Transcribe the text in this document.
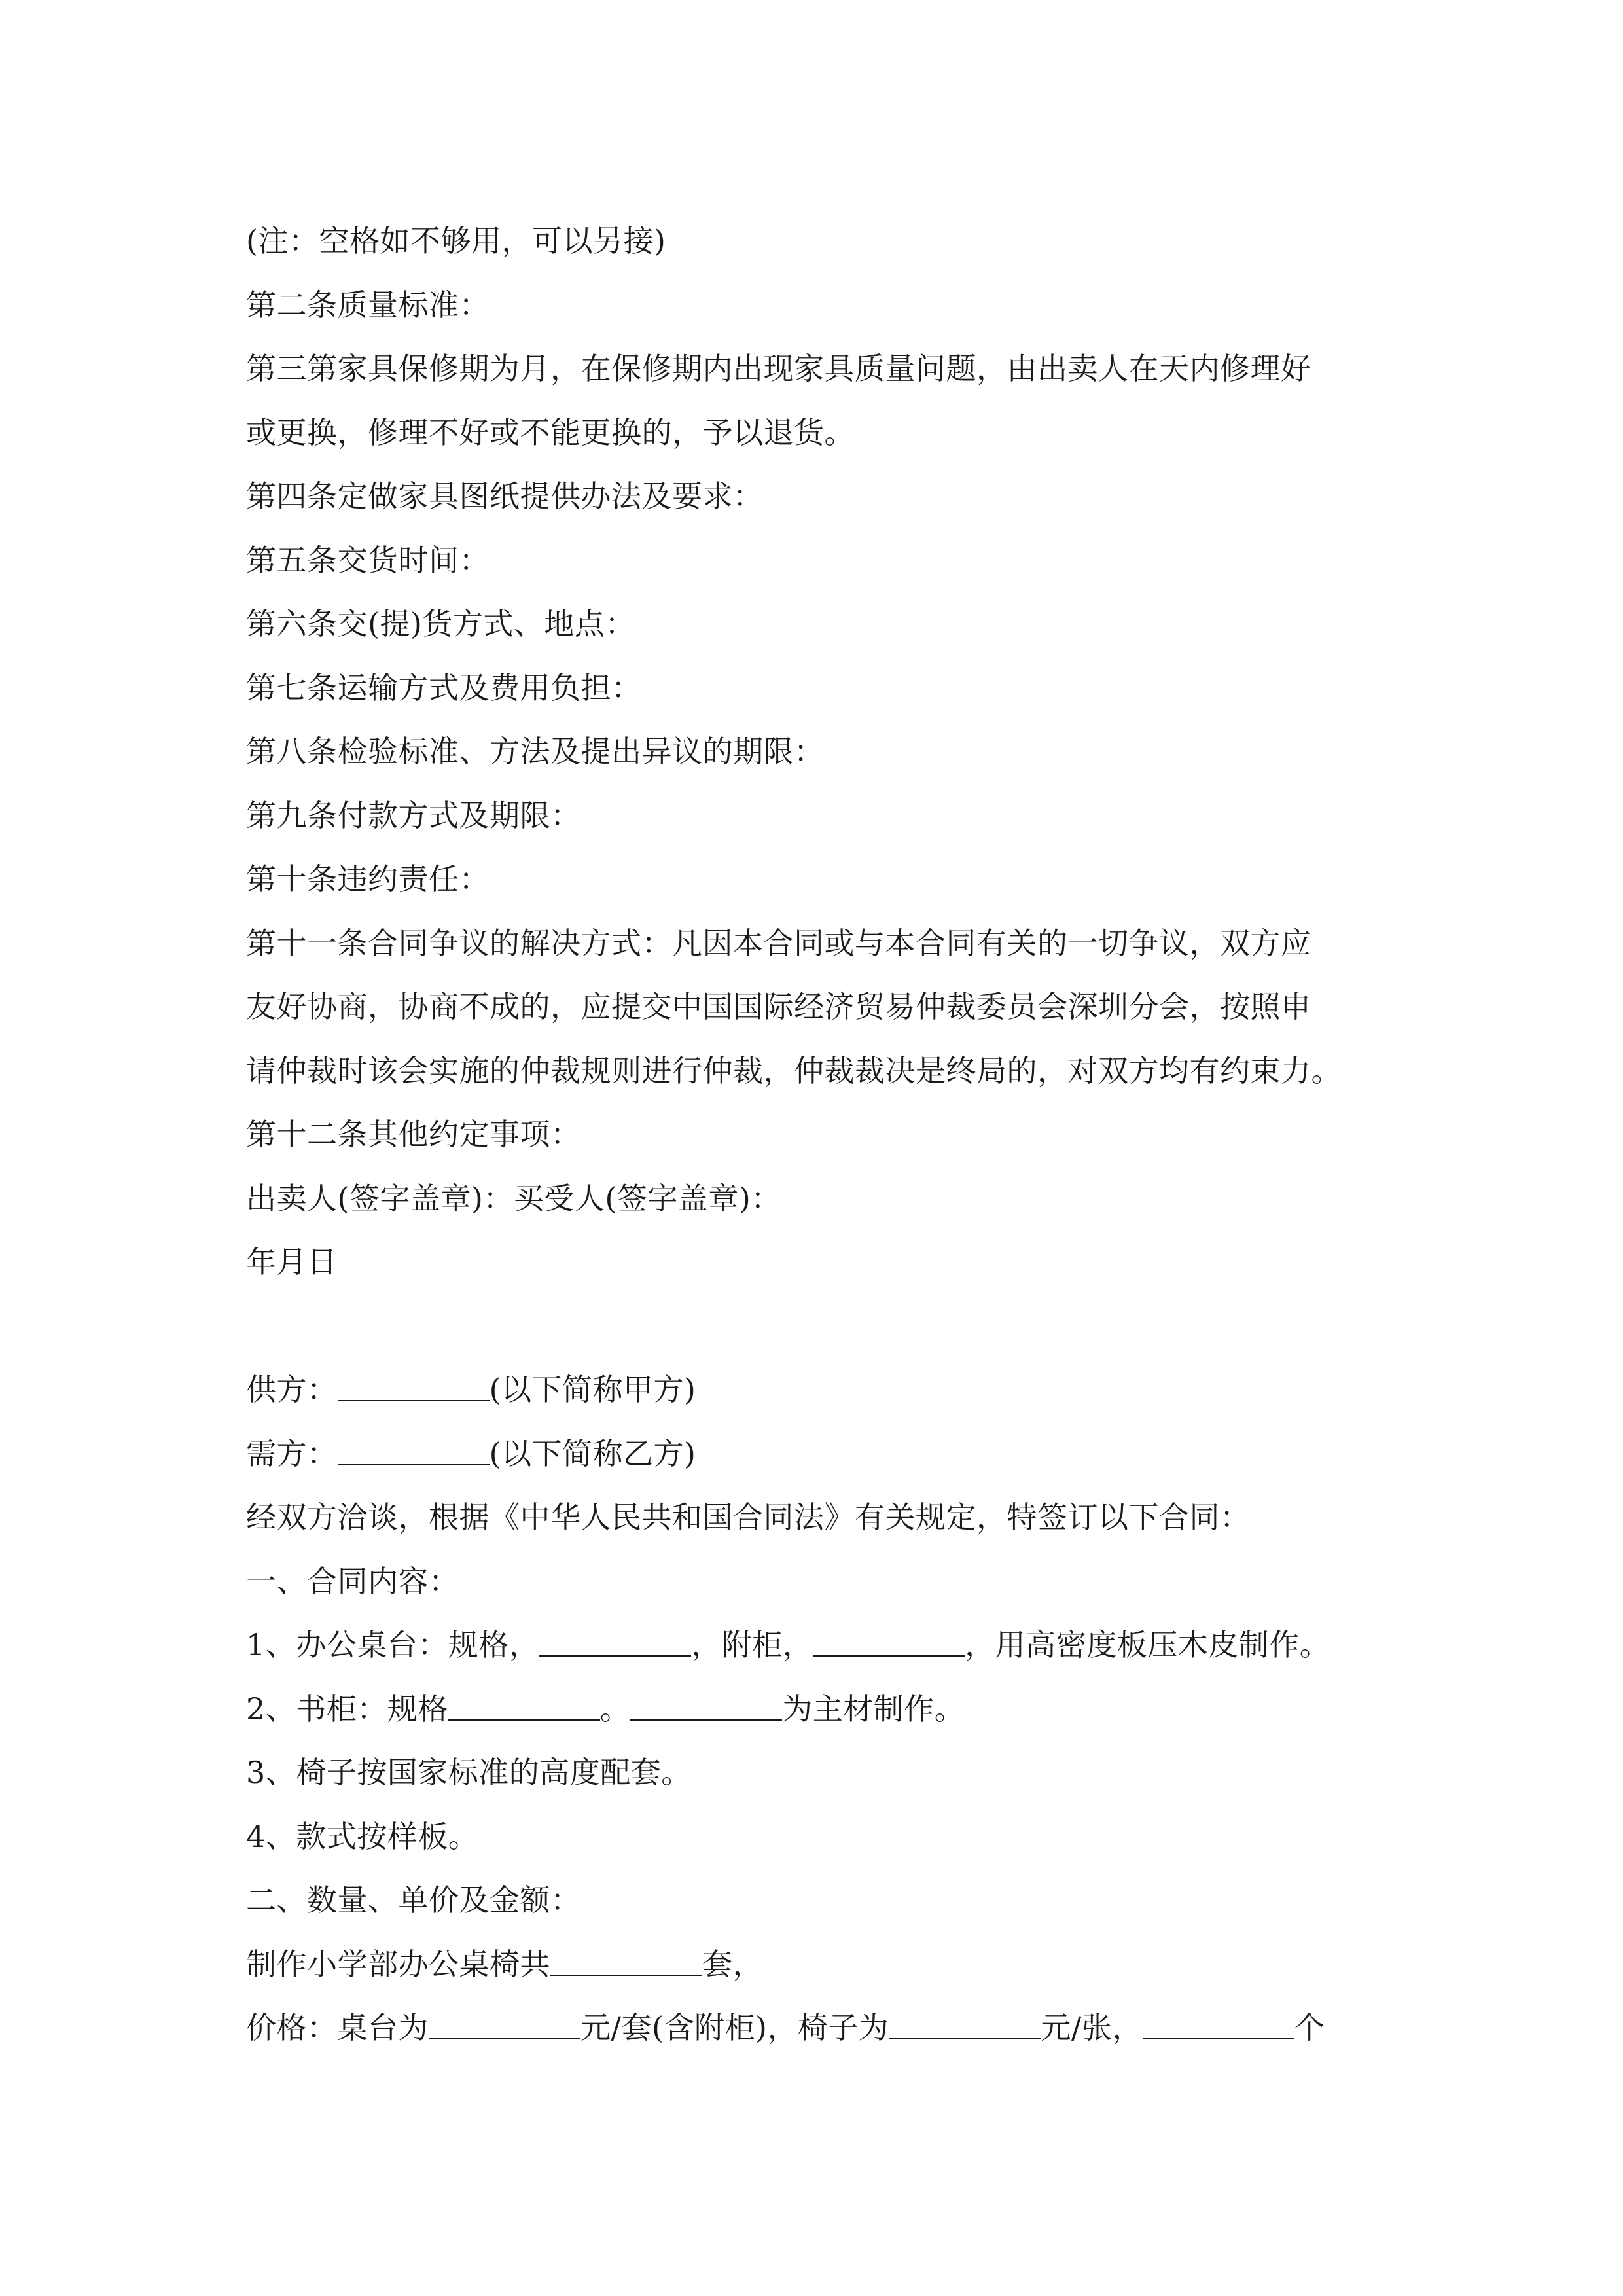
(注：空格如不够用，可以另接)
第二条质量标准：
第三第家具保修期为月，在保修期内出现家具质量问题，由出卖人在天内修理好
或更换，修理不好或不能更换的，予以退货。
第四条定做家具图纸提供办法及要求：
第五条交货时间：
第六条交(提)货方式、地点：
第七条运输方式及费用负担：
第八条检验标准、方法及提出异议的期限：
第九条付款方式及期限：
第十条违约责任：
第十一条合同争议的解决方式：凡因本合同或与本合同有关的一切争议，双方应
友好协商，协商不成的，应提交中国国际经济贸易仲裁委员会深圳分会，按照申
请仲裁时该会实施的仲裁规则进行仲裁，仲裁裁决是终局的，对双方均有约束力。
第十二条其他约定事项：
出卖人(签字盖章)：买受人(签字盖章)：
年月日
供方：	(以下简称甲方)
需方：	(以下简称乙方)
经双方洽谈，根据《中华人民共和国合同法》有关规定，特签订以下合同：
一、合同内容：
1、办公桌台：规格，	，附柜，	，用高密度板压木皮制作。
2、书柜：规格	。	为主材制作。
3、椅子按国家标准的高度配套。
4、款式按样板。
二、数量、单价及金额：
制作小学部办公桌椅共	套，
价格：桌台为	元/套(含附柜)，椅子为	元/张，	个
